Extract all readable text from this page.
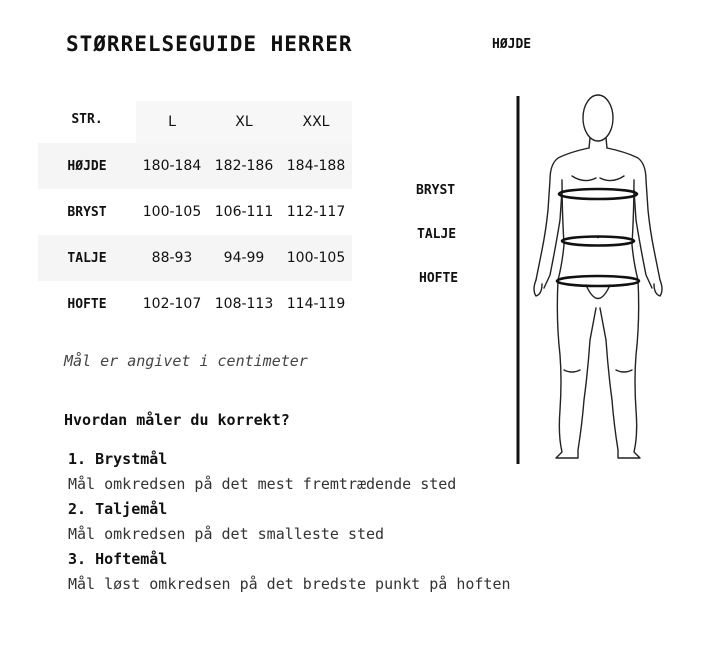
STØRRELSEGUIDE HERRER	HØJDE
STR.	L	XL	XXL
HØJDE	180-184	182-186	184-188
BRYST	100-105	106-111	112-117
TALJE	88-93	94-99	100-105
HOFTE	102-107	108-113	114-119
Mål er angivet i centimeter
Hvordan måler du korrekt?
1. Brystmål
Mål omkredsen på det mest fremtrædende sted
2. Taljemål
Mål omkredsen på det smalleste sted
3. Hoftemål
Mål løst omkredsen på det bredste punkt på hoften
BRYST
TALJE
HOFTE
